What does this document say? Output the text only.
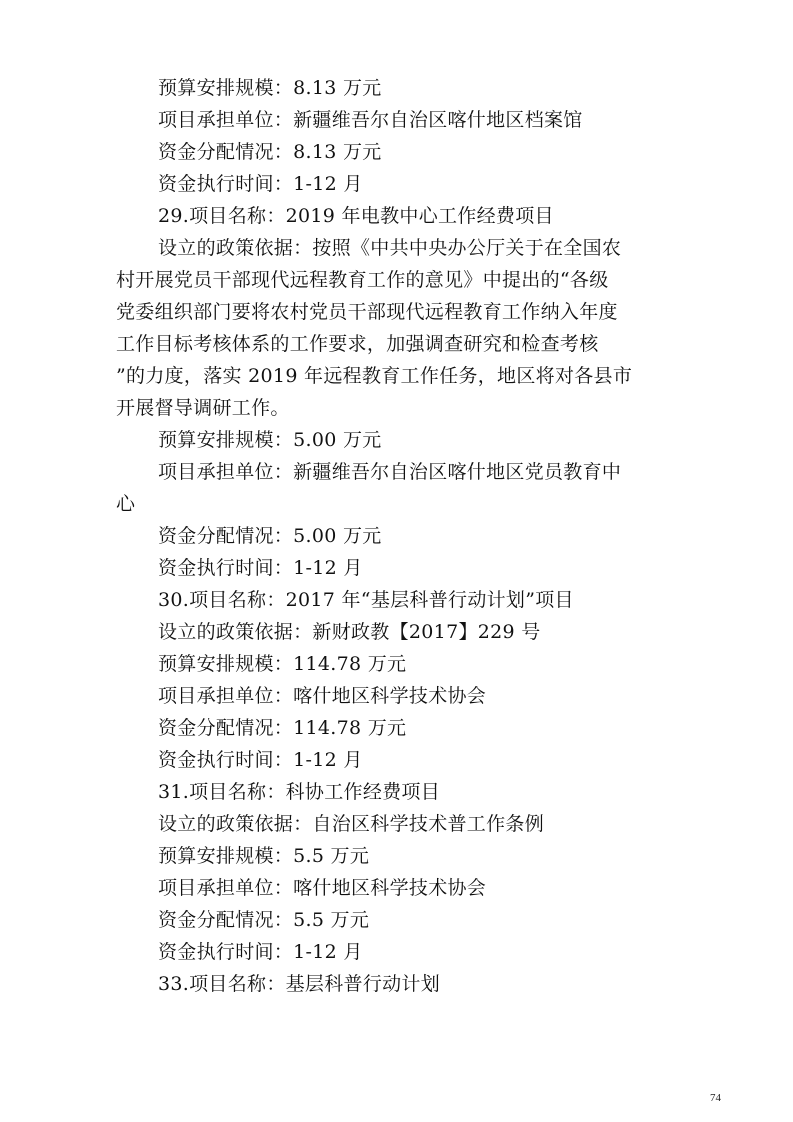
预算安排规模：8.13 万元
项目承担单位：新疆维吾尔自治区喀什地区档案馆
资金分配情况：8.13 万元
资金执行时间：1-12 月
29.项目名称：2019 年电教中心工作经费项目
设立的政策依据：按照《中共中央办公厅关于在全国农
村开展党员干部现代远程教育工作的意见》中提出的“各级
党委组织部门要将农村党员干部现代远程教育工作纳入年度
工作目标考核体系的工作要求，加强调查研究和检查考核
”的力度，落实 2019 年远程教育工作任务，地区将对各县市
开展督导调研工作。
预算安排规模：5.00 万元
项目承担单位：新疆维吾尔自治区喀什地区党员教育中
心
资金分配情况：5.00 万元
资金执行时间：1-12 月
30.项目名称：2017 年“基层科普行动计划”项目
设立的政策依据：新财政教【2017】229 号
预算安排规模：114.78 万元
项目承担单位：喀什地区科学技术协会
资金分配情况：114.78 万元
资金执行时间：1-12 月
31.项目名称：科协工作经费项目
设立的政策依据：自治区科学技术普工作条例
预算安排规模：5.5 万元
项目承担单位：喀什地区科学技术协会
资金分配情况：5.5 万元
资金执行时间：1-12 月
33.项目名称：基层科普行动计划
74
